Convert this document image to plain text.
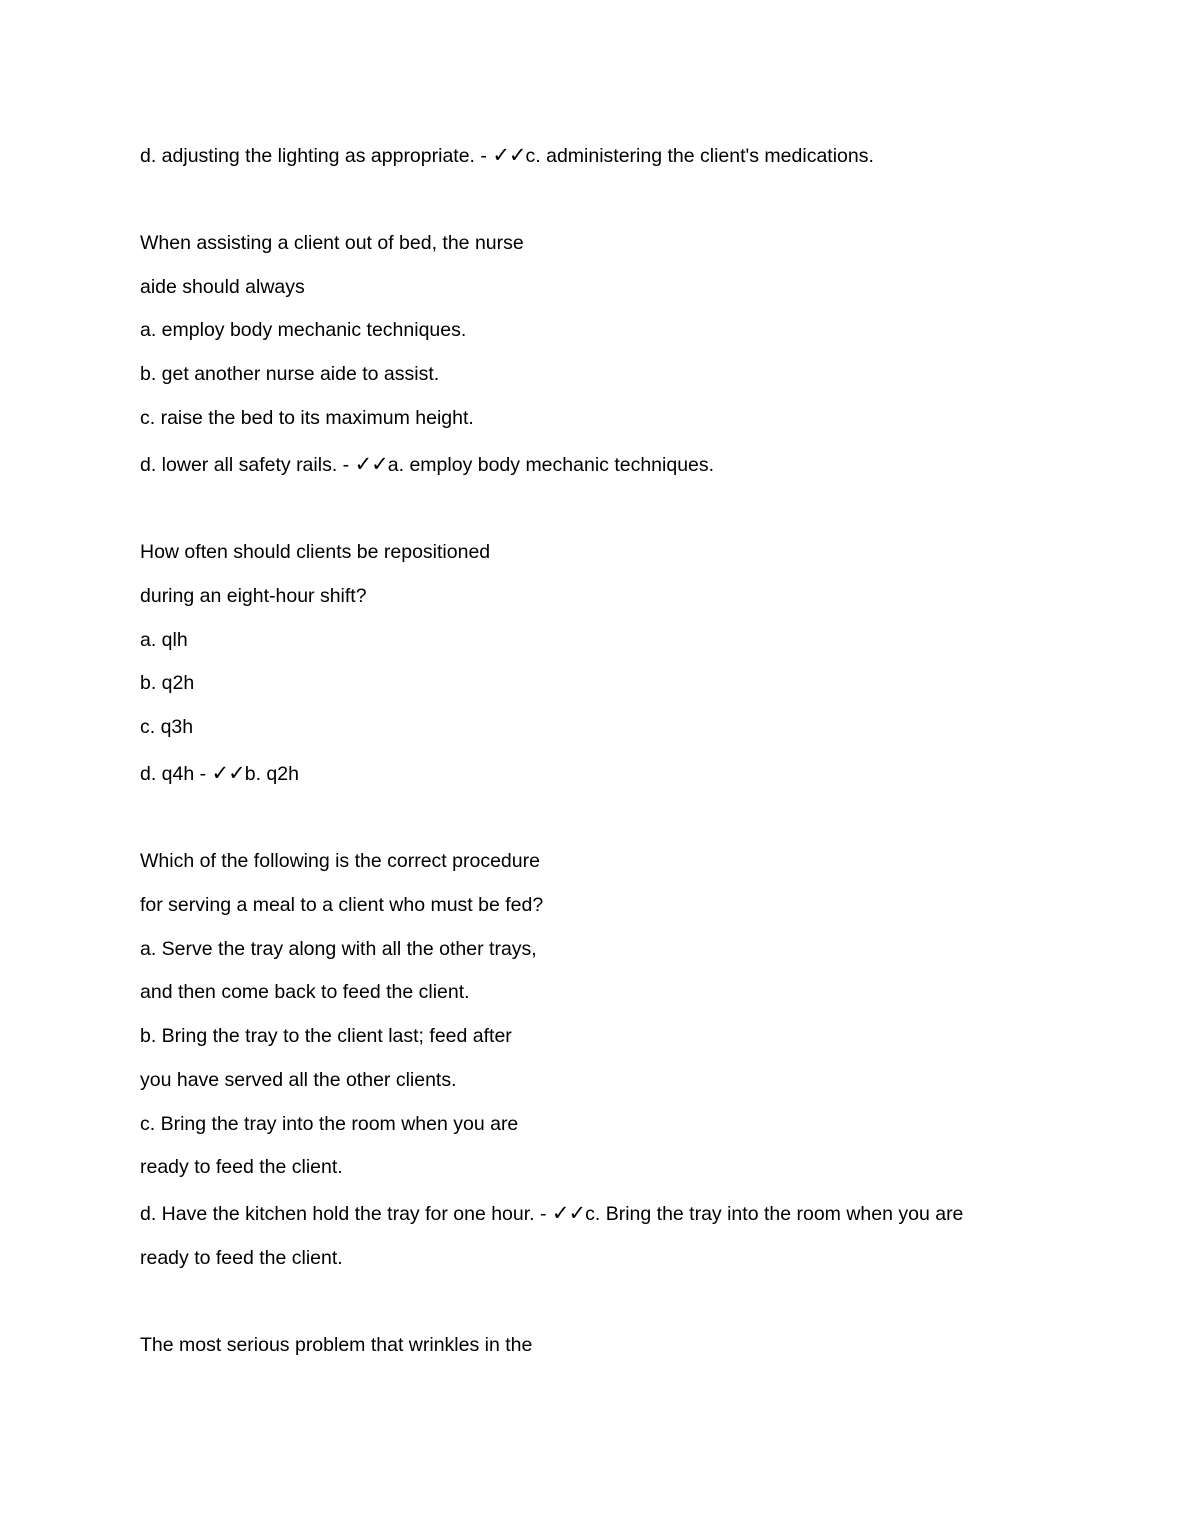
d. adjusting the lighting as appropriate. - ✓✓c. administering the client's medications.
When assisting a client out of bed, the nurse
aide should always
a. employ body mechanic techniques.
b. get another nurse aide to assist.
c. raise the bed to its maximum height.
d. lower all safety rails. - ✓✓a. employ body mechanic techniques.
How often should clients be repositioned
during an eight-hour shift?
a. qlh
b. q2h
c. q3h
d. q4h - ✓✓b. q2h
Which of the following is the correct procedure
for serving a meal to a client who must be fed?
a. Serve the tray along with all the other trays,
and then come back to feed the client.
b. Bring the tray to the client last; feed after
you have served all the other clients.
c. Bring the tray into the room when you are
ready to feed the client.
d. Have the kitchen hold the tray for one hour. - ✓✓c. Bring the tray into the room when you are
ready to feed the client.
The most serious problem that wrinkles in the
